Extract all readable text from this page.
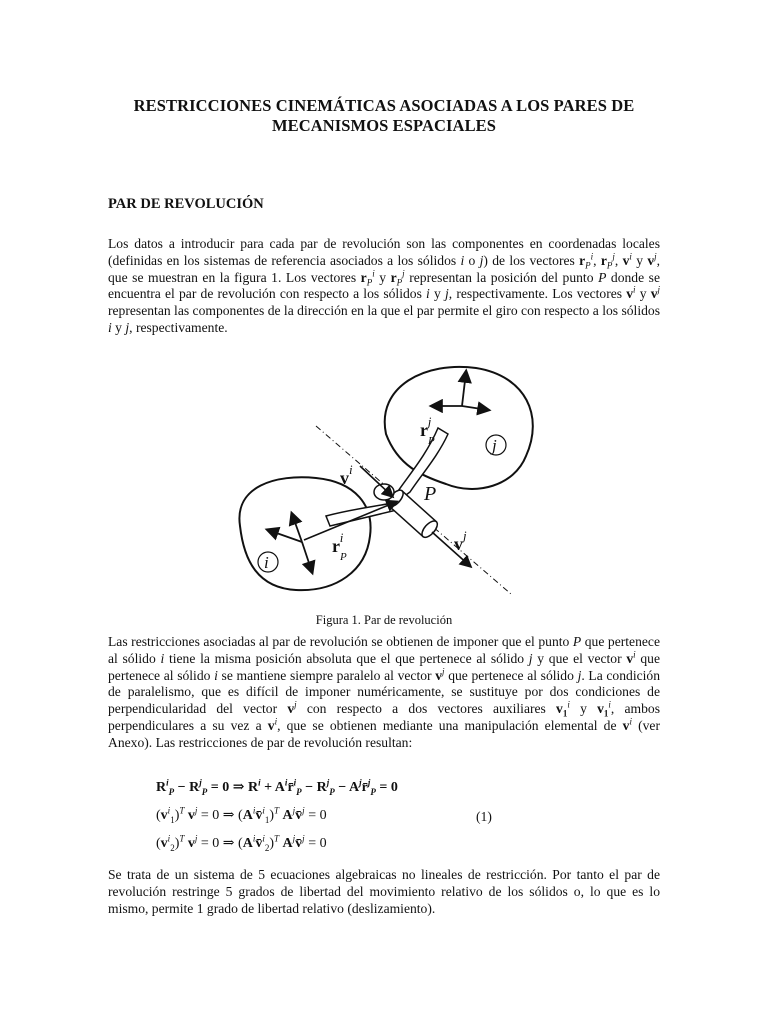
RESTRICCIONES CINEMÁTICAS ASOCIADAS A LOS PARES DE
MECANISMOS ESPACIALES
PAR DE REVOLUCIÓN
Los datos a introducir para cada par de revolución son las componentes en coordenadas locales (definidas en los sistemas de referencia asociados a los sólidos i o j) de los vectores $r_P^i$, $r_P^j$, $v^i$ y $v^j$, que se muestran en la figura 1. Los vectores $r_P^i$ y $r_P^j$ representan la posición del punto P donde se encuentra el par de revolución con respecto a los sólidos i y j, respectivamente. Los vectores $v^i$ y $v^j$ representan las componentes de la dirección en la que el par permite el giro con respecto a los sólidos i y j, respectivamente.
$r_Pj$
j
$v^i$
P
i
$r_Pi$	$v^j$
Figura 1. Par de revolución
Las restricciones asociadas al par de revolución se obtienen de imponer que el punto P que pertenece al sólido i tiene la misma posición absoluta que el que pertenece al sólido j y que el vector $v^i$ que pertenece al sólido i se mantiene siempre paralelo al vector $v^j$ que pertenece al sólido j. La condición de paralelismo, que es difícil de imponer numéricamente, se sustituye por dos condiciones de perpendicularidad del vector $v^j$ con respecto a dos vectores auxiliares $v_1^i$ y $v_1^i$, ambos perpendiculares a su vez a $v^i$, que se obtienen mediante una manipulación elemental de $v^i$ (ver Anexo). Las restricciones de par de revolución resultan:
$R^i_P - R^j_P = 0$ ⇒ $R^i$ + $A^ir̄^i_P - R^j_P$ − $A^jr̄^j_P = 0$
$(v^i_1)^T$ $v^j = 0$ ⇒ $(A^iv̄^i_1)^T$ $A^jv̄^j = 0$	(1)
$(v^i_2)^T$ $v^j = 0$ ⇒ $(A^iv̄^i_2)^T$ $A^jv̄^j = 0$
Se trata de un sistema de 5 ecuaciones algebraicas no lineales de restricción. Por tanto el par de revolución restringe 5 grados de libertad del movimiento relativo de los sólidos o, lo que es lo mismo, permite 1 grado de libertad relativo (deslizamiento).
